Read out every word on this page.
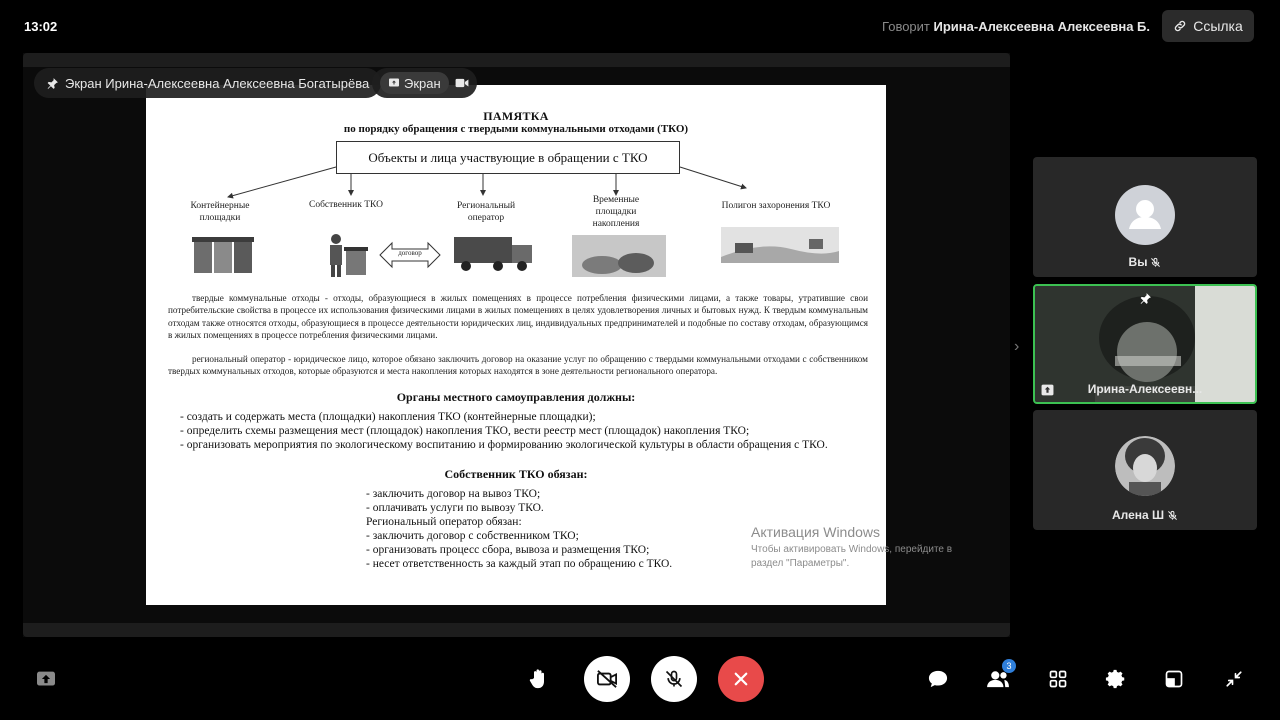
13:02	Говорит Ирина-Алексеевна Алексеевна Б.	Ссылка
ПАМЯТКА
по порядку обращения с твердыми коммунальными отходами (ТКО)
Объекты и лица участвующие в обращении с ТКО
Контейнерные площадки
Собственник ТКО	Региональный оператор
Временные площадки накопления
Полигон захоронения ТКО
договор
твердые коммунальные отходы - отходы, образующиеся в жилых помещениях в процессе потребления физическими лицами, а также товары, утратившие свои потребительские свойства в процессе их использования физическими лицами в жилых помещениях в целях удовлетворения личных и бытовых нужд. К твердым коммунальным отходам также относятся отходы, образующиеся в процессе деятельности юридических лиц, индивидуальных предпринимателей и подобные по составу отходам, образующимся в жилых помещениях в процессе потребления физическими лицами.
региональный оператор - юридическое лицо, которое обязано заключить договор на оказание услуг по обращению с твердыми коммунальными отходами с собственником твердых коммунальных отходов, которые образуются и места накопления которых находятся в зоне деятельности регионального оператора.
Органы местного самоуправления должны:
- создать и содержать места (площадки) накопления ТКО (контейнерные площадки);
- определить схемы размещения мест (площадок) накопления ТКО, вести реестр мест (площадок) накопления ТКО;
- организовать мероприятия по экологическому воспитанию и формированию экологической культуры в области обращения с ТКО.
Собственник ТКО обязан:
- заключить договор на вывоз ТКО;
- оплачивать услуги по вывозу ТКО.
Региональный оператор обязан:
- заключить договор с собственником ТКО;
- организовать процесс сбора, вывоза и размещения ТКО;
- несет ответственность за каждый этап по обращению с ТКО.
Экран Ирина-Алексеевна Алексеевна Богатырёва	Экран
Активация Windows
Чтобы активировать Windows, перейдите в раздел "Параметры".
›
Вы
Ирина-Алексеевн...
Алена Ш
3
